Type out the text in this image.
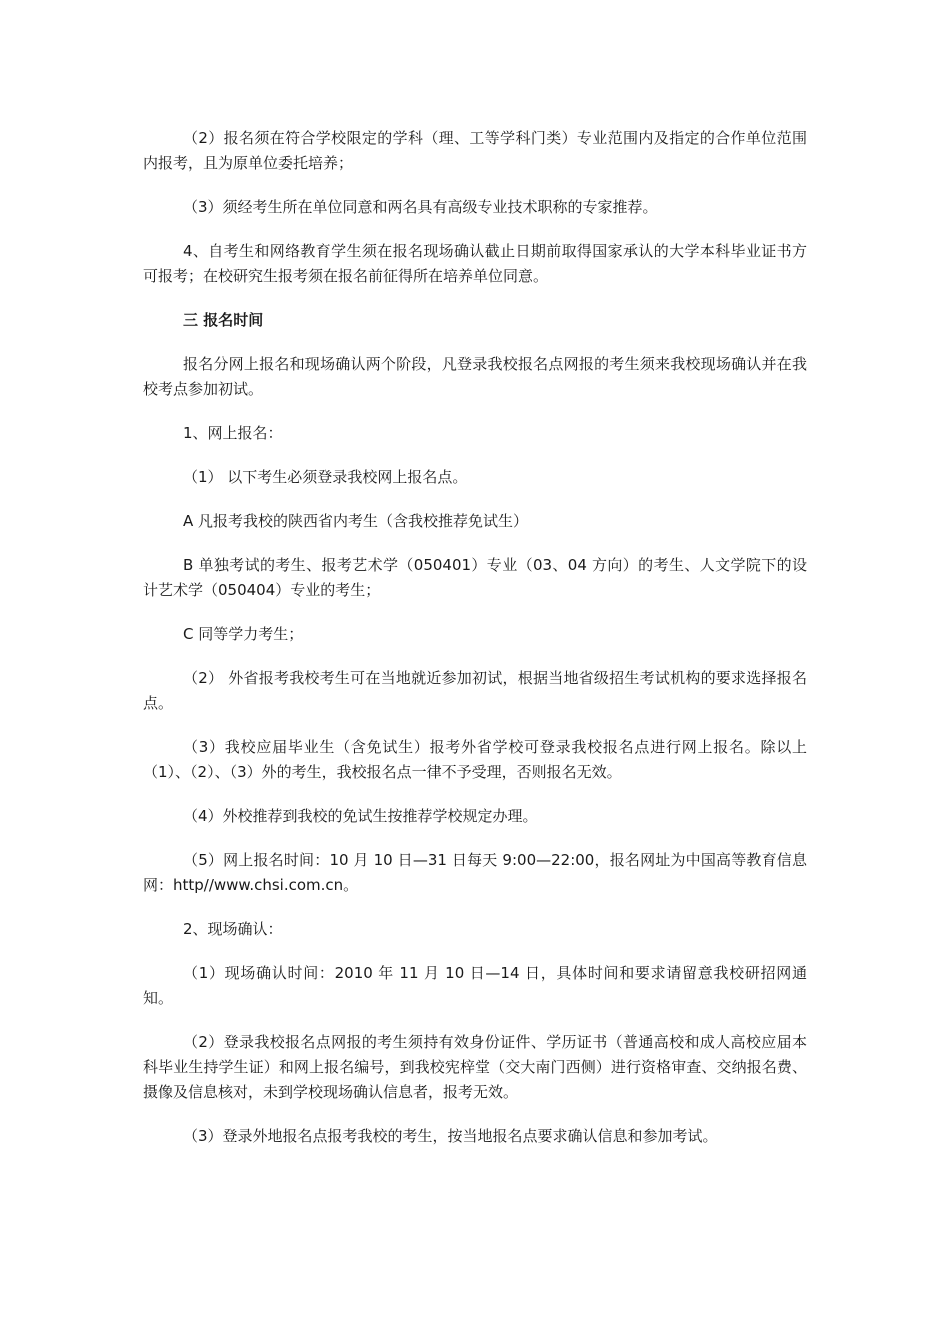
（2）报名须在符合学校限定的学科（理、工等学科门类）专业范围内及指定的合作单位范围内报考，且为原单位委托培养；

（3）须经考生所在单位同意和两名具有高级专业技术职称的专家推荐。

4、自考生和网络教育学生须在报名现场确认截止日期前取得国家承认的大学本科毕业证书方可报考；在校研究生报考须在报名前征得所在培养单位同意。

三 报名时间

报名分网上报名和现场确认两个阶段，凡登录我校报名点网报的考生须来我校现场确认并在我校考点参加初试。

1、网上报名：

（1） 以下考生必须登录我校网上报名点。

A 凡报考我校的陕西省内考生（含我校推荐免试生）

B 单独考试的考生、报考艺术学（050401）专业（03、04 方向）的考生、人文学院下的设计艺术学（050404）专业的考生；

C 同等学力考生；

（2） 外省报考我校考生可在当地就近参加初试，根据当地省级招生考试机构的要求选择报名点。

（3）我校应届毕业生（含免试生）报考外省学校可登录我校报名点进行网上报名。除以上（1）、（2）、（3）外的考生，我校报名点一律不予受理，否则报名无效。

（4）外校推荐到我校的免试生按推荐学校规定办理。

（5）网上报名时间：10 月 10 日—31 日每天 9:00—22:00，报名网址为中国高等教育信息网：http//www.chsi.com.cn。

2、现场确认：

（1）现场确认时间：2010 年 11 月 10 日—14 日，具体时间和要求请留意我校研招网通知。

（2）登录我校报名点网报的考生须持有效身份证件、学历证书（普通高校和成人高校应届本科毕业生持学生证）和网上报名编号，到我校宪梓堂（交大南门西侧）进行资格审查、交纳报名费、摄像及信息核对，未到学校现场确认信息者，报考无效。

（3）登录外地报名点报考我校的考生，按当地报名点要求确认信息和参加考试。
